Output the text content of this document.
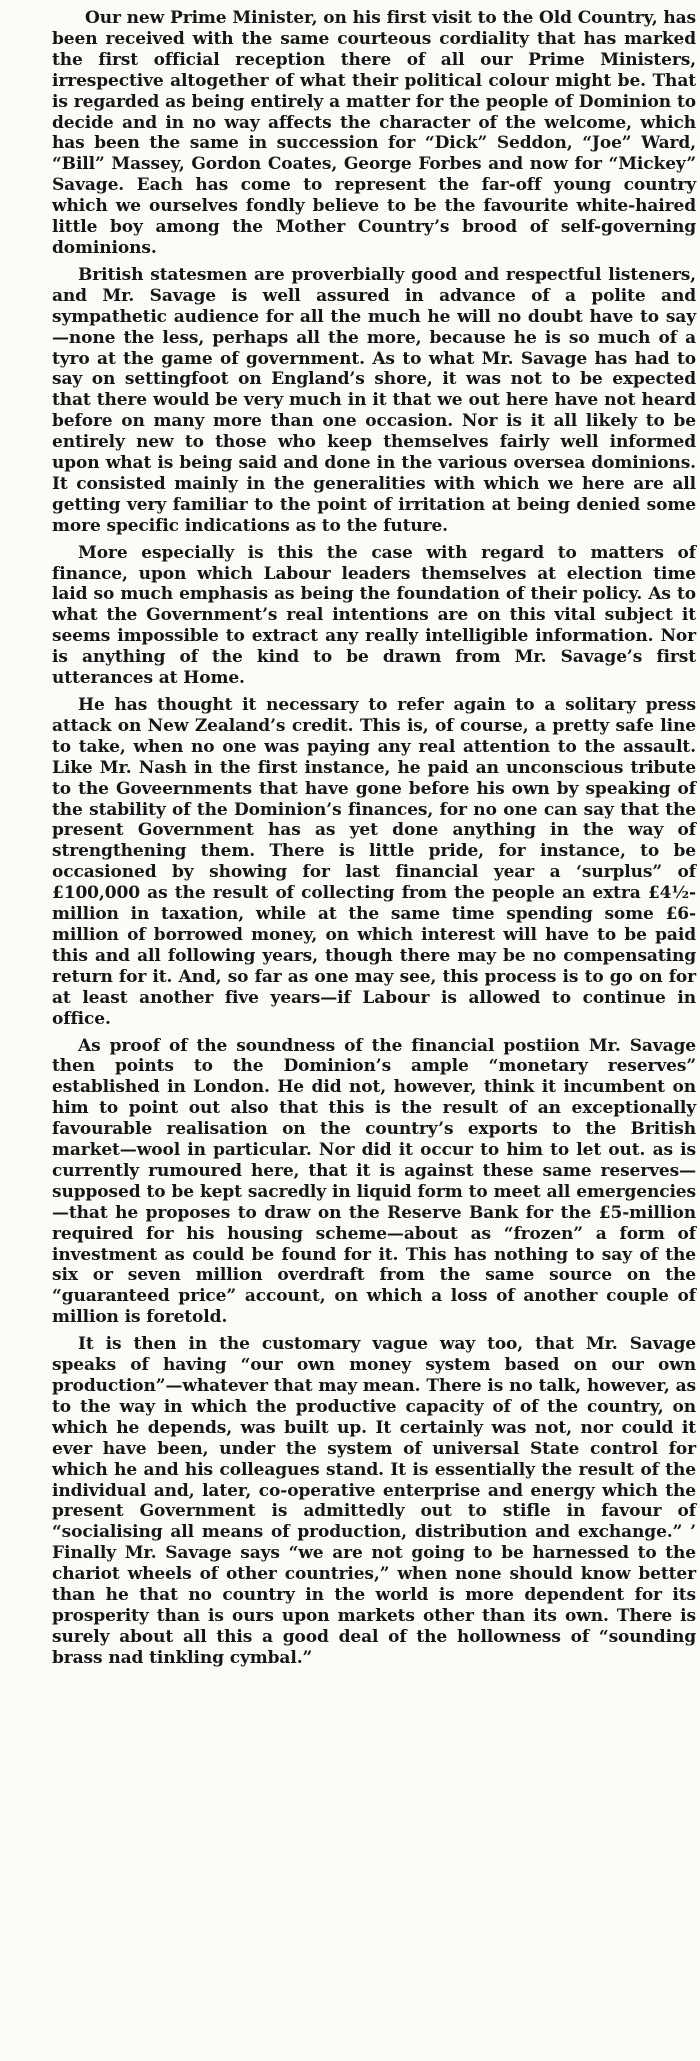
Our new Prime Minister, on his first visit to the Old Country, has been received with the same courteous cordiality that has marked the first official reception there of all our Prime Ministers, irrespective altogether of what their political colour might be. That is regarded as being entirely a matter for the people of Dominion to decide and in no way affects the character of the welcome, which has been the same in succession for “Dick” Seddon, “Joe” Ward, “Bill” Massey, Gordon Coates, George Forbes and now for “Mickey” Savage. Each has come to represent the far-off young country which we ourselves fondly believe to be the favourite white-haired little boy among the Mother Country’s brood of self-governing dominions.

British statesmen are proverbially good and respectful listeners, and Mr. Savage is well assured in advance of a polite and sympathetic audience for all the much he will no doubt have to say—none the less, perhaps all the more, because he is so much of a tyro at the game of government. As to what Mr. Savage has had to say on settingfoot on England’s shore, it was not to be expected that there would be very much in it that we out here have not heard before on many more than one occasion. Nor is it all likely to be entirely new to those who keep themselves fairly well informed upon what is being said and done in the various oversea dominions. It consisted mainly in the generalities with which we here are all getting very familiar to the point of irritation at being denied some more specific indications as to the future.

More especially is this the case with regard to matters of finance, upon which Labour leaders themselves at election time laid so much emphasis as being the foundation of their policy. As to what the Government’s real intentions are on this vital subject it seems impossible to extract any really intelligible information. Nor is anything of the kind to be drawn from Mr. Savage’s first utterances at Home.

He has thought it necessary to refer again to a solitary press attack on New Zealand’s credit. This is, of course, a pretty safe line to take, when no one was paying any real attention to the assault. Like Mr. Nash in the first instance, he paid an unconscious tribute to the Goveernments that have gone before his own by speaking of the stability of the Dominion’s finances, for no one can say that the present Government has as yet done anything in the way of strengthening them. There is little pride, for instance, to be occasioned by showing for last financial year a ‘surplus” of £100,000 as the result of collecting from the people an extra £4½-million in taxation, while at the same time spending some £6-million of borrowed money, on which interest will have to be paid this and all following years, though there may be no compensating return for it. And, so far as one may see, this process is to go on for at least another five years—if Labour is allowed to continue in office.

As proof of the soundness of the financial postiion Mr. Savage then points to the Dominion’s ample “monetary reserves” established in London. He did not, however, think it incumbent on him to point out also that this is the result of an exceptionally favourable realisation on the country’s exports to the British market—wool in particular. Nor did it occur to him to let out. as is currently rumoured here, that it is against these same reserves—supposed to be kept sacredly in liquid form to meet all emergencies—that he proposes to draw on the Reserve Bank for the £5-million required for his housing scheme—about as “frozen” a form of investment as could be found for it. This has nothing to say of the six or seven million overdraft from the same source on the “guaranteed price” account, on which a loss of another couple of million is foretold.

It is then in the customary vague way too, that Mr. Savage speaks of having “our own money system based on our own production”—whatever that may mean. There is no talk, however, as to the way in which the productive capacity of of the country, on which he depends, was built up. It certainly was not, nor could it ever have been, under the system of universal State control for which he and his colleagues stand. It is essentially the result of the individual and, later, co-operative enterprise and energy which the present Government is admittedly out to stifle in favour of “socialising all means of production, distribution and exchange.” ’ Finally Mr. Savage says “we are not going to be harnessed to the chariot wheels of other countries,” when none should know better than he that no country in the world is more dependent for its prosperity than is ours upon markets other than its own. There is surely about all this a good deal of the hollowness of “sounding brass nad tinkling cymbal.”
